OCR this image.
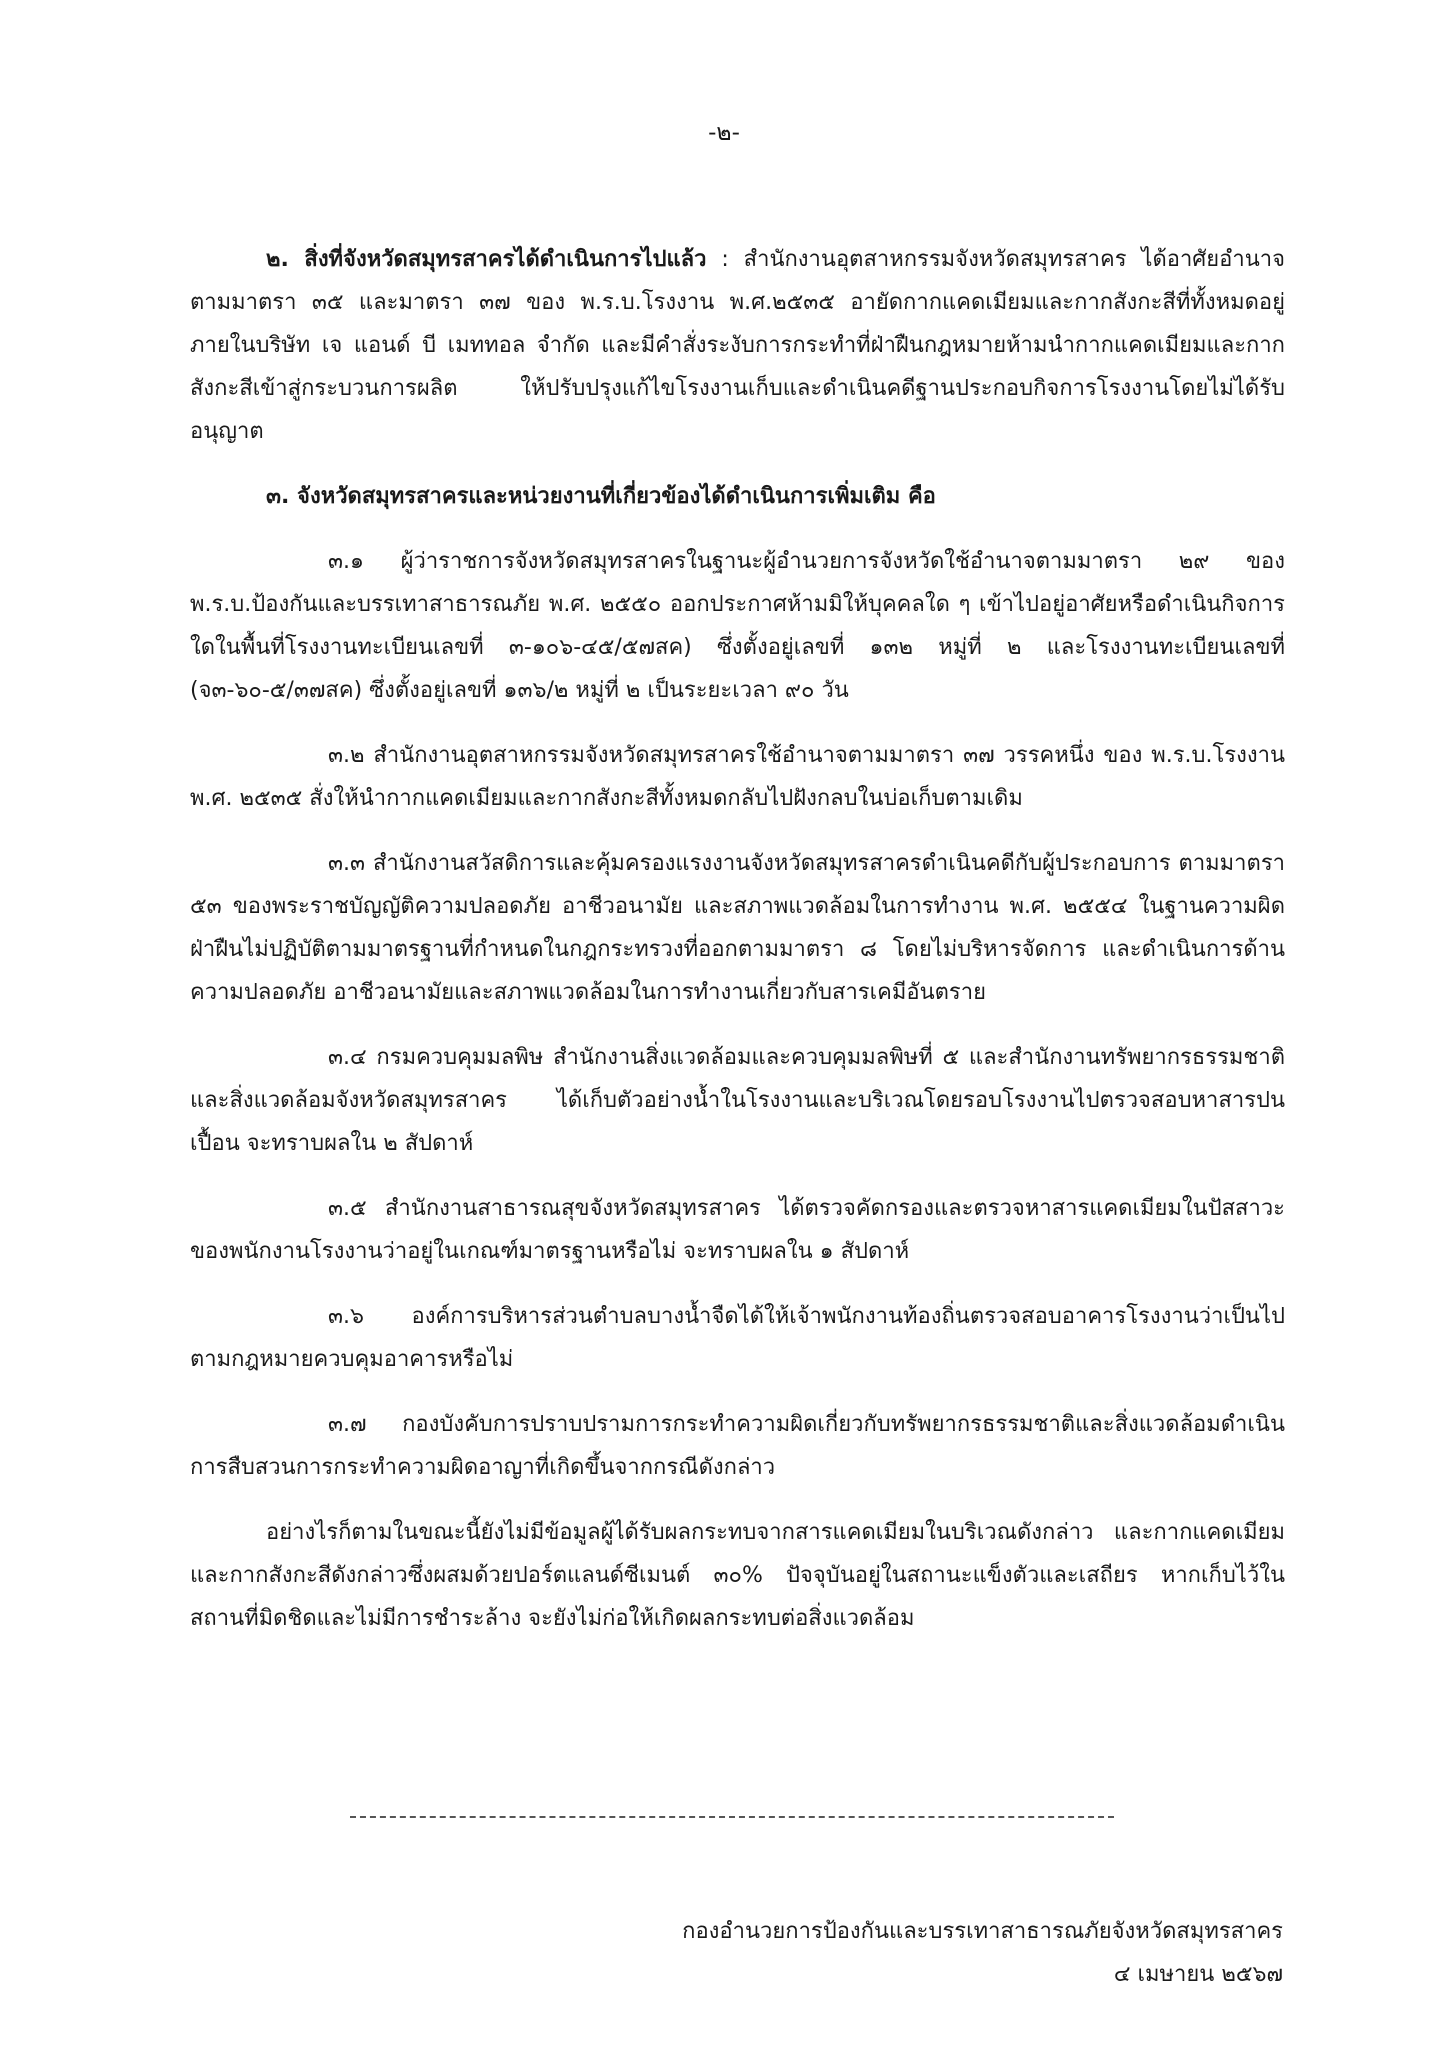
-๒-

๒. สิ่งที่จังหวัดสมุทรสาครได้ดำเนินการไปแล้ว : สำนักงานอุตสาหกรรมจังหวัดสมุทรสาคร ได้อาศัยอำนาจตามมาตรา ๓๕ และมาตรา ๓๗ ของ พ.ร.บ.โรงงาน พ.ศ.๒๕๓๕ อายัดกากแคดเมียมและกากสังกะสีที่ทั้งหมดอยู่ภายในบริษัท เจ แอนด์ บี เมททอล จำกัด และมีคำสั่งระงับการกระทำที่ฝ่าฝืนกฎหมายห้ามนำกากแคดเมียมและกากสังกะสีเข้าสู่กระบวนการผลิต ให้ปรับปรุงแก้ไขโรงงานเก็บและดำเนินคดีฐานประกอบกิจการโรงงานโดยไม่ได้รับอนุญาต

๓. จังหวัดสมุทรสาครและหน่วยงานที่เกี่ยวข้องได้ดำเนินการเพิ่มเติม คือ

๓.๑ ผู้ว่าราชการจังหวัดสมุทรสาครในฐานะผู้อำนวยการจังหวัดใช้อำนาจตามมาตรา ๒๙ ของ พ.ร.บ.ป้องกันและบรรเทาสาธารณภัย พ.ศ. ๒๕๕๐ ออกประกาศห้ามมิให้บุคคลใด ๆ เข้าไปอยู่อาศัยหรือดำเนินกิจการใดในพื้นที่โรงงานทะเบียนเลขที่ ๓-๑๐๖-๔๕/๕๗สค) ซึ่งตั้งอยู่เลขที่ ๑๓๒ หมู่ที่ ๒ และโรงงานทะเบียนเลขที่ (จ๓-๖๐-๕/๓๗สค) ซึ่งตั้งอยู่เลขที่ ๑๓๖/๒ หมู่ที่ ๒ เป็นระยะเวลา ๙๐ วัน

๓.๒ สำนักงานอุตสาหกรรมจังหวัดสมุทรสาครใช้อำนาจตามมาตรา ๓๗ วรรคหนึ่ง ของ พ.ร.บ.โรงงาน พ.ศ. ๒๕๓๕ สั่งให้นำกากแคดเมียมและกากสังกะสีทั้งหมดกลับไปฝังกลบในบ่อเก็บตามเดิม

๓.๓ สำนักงานสวัสดิการและคุ้มครองแรงงานจังหวัดสมุทรสาครดำเนินคดีกับผู้ประกอบการ ตามมาตรา ๕๓ ของพระราชบัญญัติความปลอดภัย อาชีวอนามัย และสภาพแวดล้อมในการทำงาน พ.ศ. ๒๕๕๔ ในฐานความผิดฝ่าฝืนไม่ปฏิบัติตามมาตรฐานที่กำหนดในกฎกระทรวงที่ออกตามมาตรา ๘ โดยไม่บริหารจัดการ และดำเนินการด้านความปลอดภัย อาชีวอนามัยและสภาพแวดล้อมในการทำงานเกี่ยวกับสารเคมีอันตราย

๓.๔ กรมควบคุมมลพิษ สำนักงานสิ่งแวดล้อมและควบคุมมลพิษที่ ๕ และสำนักงานทรัพยากรธรรมชาติและสิ่งแวดล้อมจังหวัดสมุทรสาคร ได้เก็บตัวอย่างน้ำในโรงงานและบริเวณโดยรอบโรงงานไปตรวจสอบหาสารปนเปื้อน จะทราบผลใน ๒ สัปดาห์

๓.๕ สำนักงานสาธารณสุขจังหวัดสมุทรสาคร ได้ตรวจคัดกรองและตรวจหาสารแคดเมียมในปัสสาวะของพนักงานโรงงานว่าอยู่ในเกณฑ์มาตรฐานหรือไม่ จะทราบผลใน ๑ สัปดาห์

๓.๖ องค์การบริหารส่วนตำบลบางน้ำจืดได้ให้เจ้าพนักงานท้องถิ่นตรวจสอบอาคารโรงงานว่าเป็นไปตามกฎหมายควบคุมอาคารหรือไม่

๓.๗ กองบังคับการปราบปรามการกระทำความผิดเกี่ยวกับทรัพยากรธรรมชาติและสิ่งแวดล้อมดำเนินการสืบสวนการกระทำความผิดอาญาที่เกิดขึ้นจากกรณีดังกล่าว

อย่างไรก็ตามในขณะนี้ยังไม่มีข้อมูลผู้ได้รับผลกระทบจากสารแคดเมียมในบริเวณดังกล่าว และกากแคดเมียมและกากสังกะสีดังกล่าวซึ่งผสมด้วยปอร์ตแลนด์ซีเมนต์ ๓๐% ปัจจุบันอยู่ในสถานะแข็งตัวและเสถียร หากเก็บไว้ในสถานที่มิดชิดและไม่มีการชำระล้าง จะยังไม่ก่อให้เกิดผลกระทบต่อสิ่งแวดล้อม

กองอำนวยการป้องกันและบรรเทาสาธารณภัยจังหวัดสมุทรสาคร
๔ เมษายน ๒๕๖๗
